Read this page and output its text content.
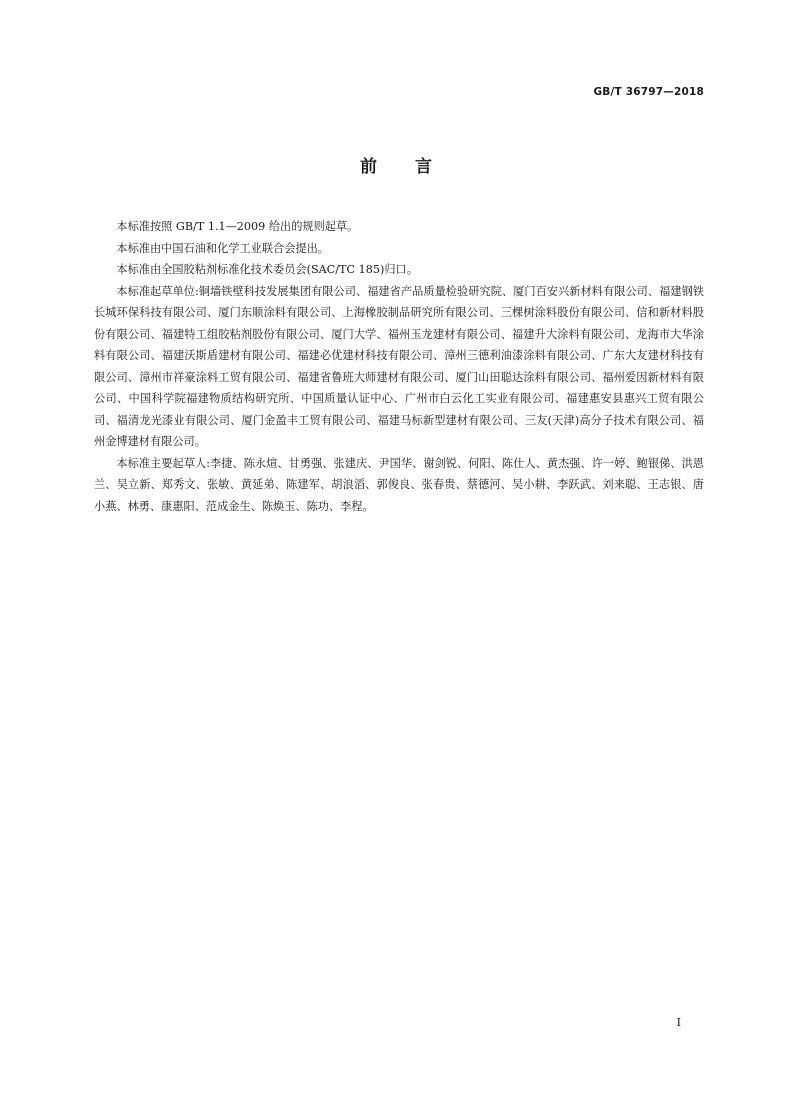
GB/T 36797—2018
前言

本标准按照 GB/T 1.1—2009 给出的规则起草。

本标准由中国石油和化学工业联合会提出。

本标准由全国胶粘剂标准化技术委员会(SAC/TC 185)归口。

本标准起草单位:铜墙铁壁科技发展集团有限公司、福建省产品质量检验研究院、厦门百安兴新材料有限公司、福建钢铁长城环保科技有限公司、厦门东顺涂料有限公司、上海橡胶制品研究所有限公司、三棵树涂料股份有限公司、信和新材料股份有限公司、福建特工组胶粘剂股份有限公司、厦门大学、福州玉龙建材有限公司、福建升大涂料有限公司、龙海市大华涂料有限公司、福建沃斯盾建材有限公司、福建必优建材科技有限公司、漳州三德利油漆涂料有限公司、广东大友建材科技有限公司、漳州市祥豪涂料工贸有限公司、福建省鲁班大师建材有限公司、厦门山田聪达涂料有限公司、福州爱因新材料有限公司、中国科学院福建物质结构研究所、中国质量认证中心、广州市白云化工实业有限公司、福建惠安县惠兴工贸有限公司、福清龙光漆业有限公司、厦门金盈丰工贸有限公司、福建马标新型建材有限公司、三友(天津)高分子技术有限公司、福州金博建材有限公司。

本标准主要起草人:李捷、陈永煊、甘勇强、张建庆、尹国华、谢剑锐、何阳、陈仕人、黄杰强、许一婷、鲍银俤、洪恩兰、吴立新、郑秀文、张敏、黄延弟、陈建军、胡浪滔、郭俊良、张春贵、蔡德河、吴小耕、李跃武、刘来聪、王志银、唐小燕、林勇、康惠阳、范成金生、陈焕玉、陈功、李程。

I
